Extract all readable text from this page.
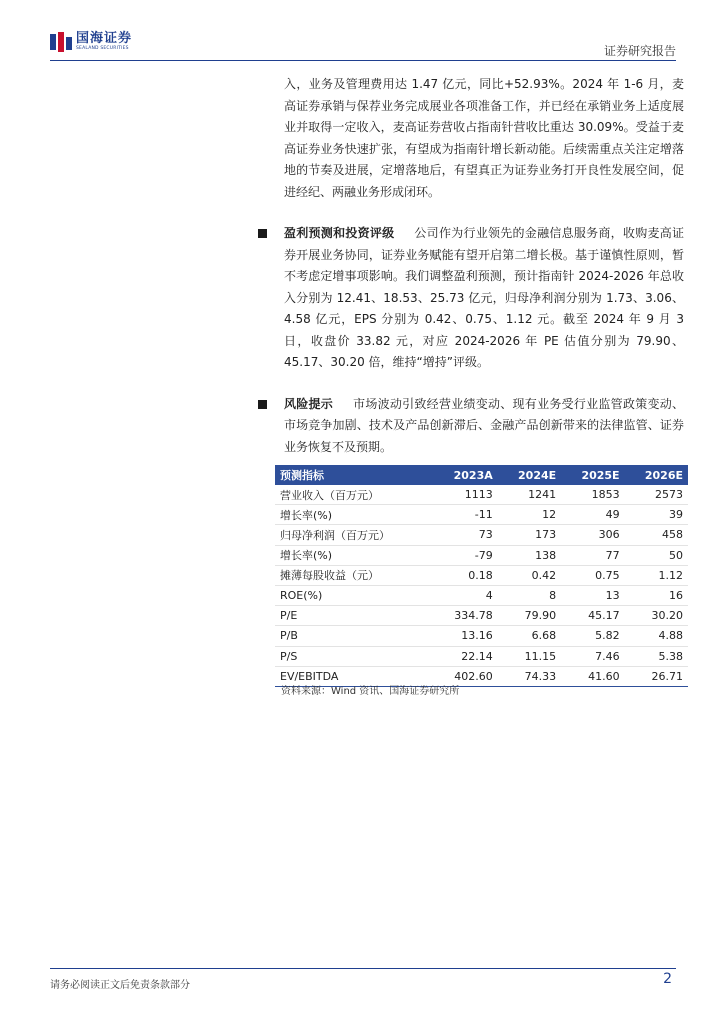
国海证券
SEALAND SECURITIES	证券研究报告

入，业务及管理费用达 1.47 亿元，同比+52.93%。2024 年 1-6 月，麦高证券承销与保荐业务完成展业各项准备工作，并已经在承销业务上适度展业并取得一定收入，麦高证券营收占指南针营收比重达 30.09%。受益于麦高证券业务快速扩张，有望成为指南针增长新动能。后续需重点关注定增落地的节奏及进展，定增落地后，有望真正为证券业务打开良性发展空间，促进经纪、两融业务形成闭环。

盈利预测和投资评级 公司作为行业领先的金融信息服务商，收购麦高证券开展业务协同，证券业务赋能有望开启第二增长极。基于谨慎性原则，暂不考虑定增事项影响。我们调整盈利预测，预计指南针 2024-2026 年总收入分别为 12.41、18.53、25.73 亿元，归母净利润分别为 1.73、3.06、4.58 亿元，EPS 分别为 0.42、0.75、1.12 元。截至 2024 年 9 月 3 日，收盘价 33.82 元，对应 2024-2026 年 PE 估值分别为 79.90、45.17、30.20 倍，维持“增持”评级。

风险提示 市场波动引致经营业绩变动、现有业务受行业监管政策变动、市场竞争加剧、技术及产品创新滞后、金融产品创新带来的法律监管、证券业务恢复不及预期。

预测指标	2023A	2024E	2025E	2026E
营业收入（百万元）	1113	1241	1853	2573
增长率(%)	-11	12	49	39
归母净利润（百万元）	73	173	306	458
增长率(%)	-79	138	77	50
摊薄每股收益（元）	0.18	0.42	0.75	1.12
ROE(%)	4	8	13	16
P/E	334.78	79.90	45.17	30.20
P/B	13.16	6.68	5.82	4.88
P/S	22.14	11.15	7.46	5.38
EV/EBITDA	402.60	74.33	41.60	26.71
资料来源：Wind 资讯、国海证券研究所
请务必阅读正文后免责条款部分	2
